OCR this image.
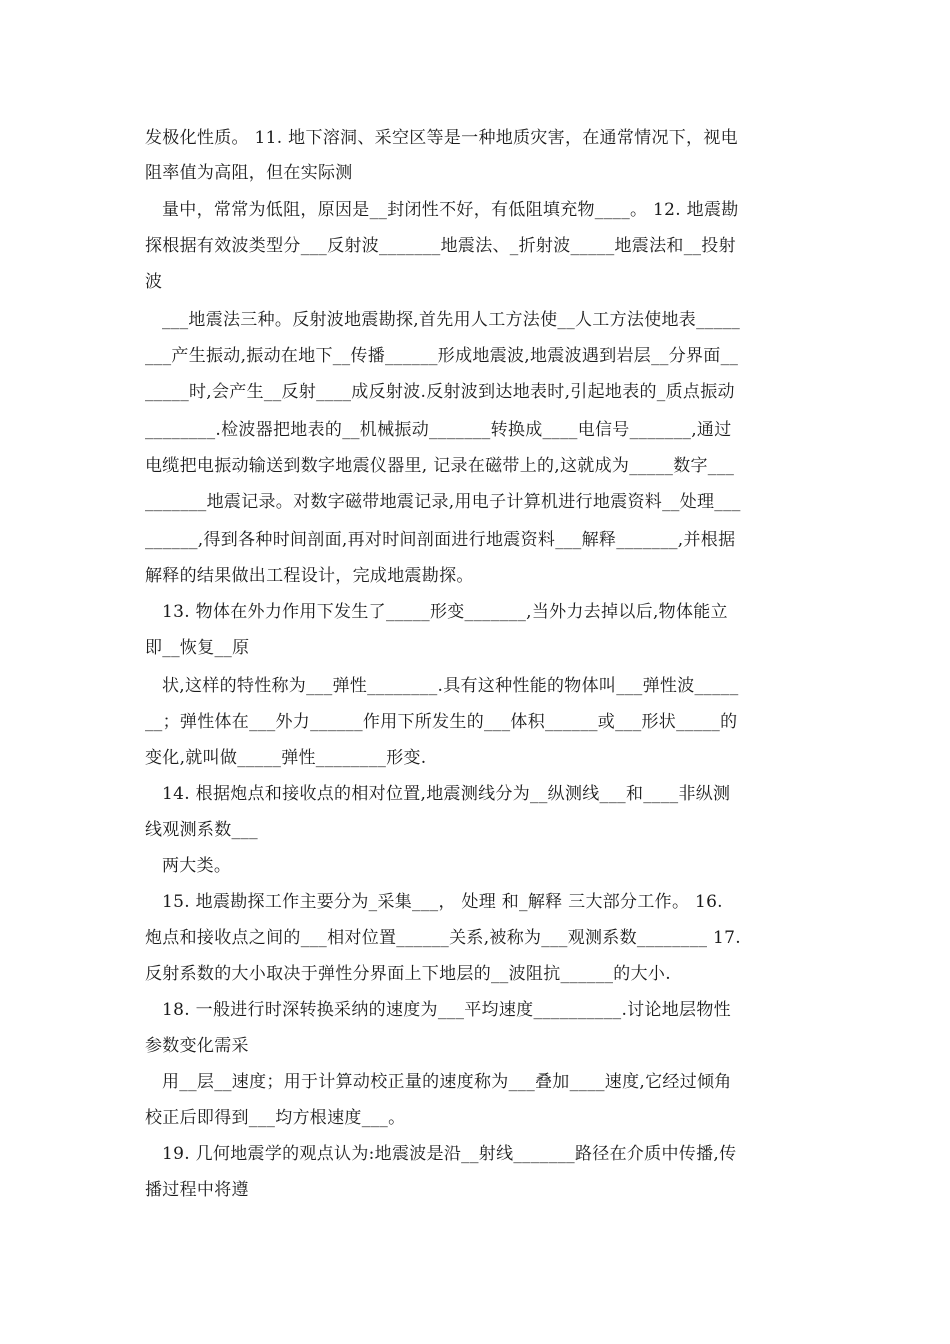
发极化性质。 11. 地下溶洞、采空区等是一种地质灾害，在通常情况下，视电
阻率值为高阻，但在实际测
量中，常常为低阻，原因是__封闭性不好，有低阻填充物____。 12. 地震勘
探根据有效波类型分___反射波_______地震法、_折射波_____地震法和__投射
波
___地震法三种。反射波地震勘探,首先用人工方法使__人工方法使地表_____
___产生振动,振动在地下__传播______形成地震波,地震波遇到岩层__分界面__
_____时,会产生__反射____成反射波.反射波到达地表时,引起地表的_质点振动
________.检波器把地表的__机械振动_______转换成____电信号_______,通过
电缆把电振动输送到数字地震仪器里, 记录在磁带上的,这就成为_____数字___
_______地震记录。对数字磁带地震记录,用电子计算机进行地震资料__处理___
______,得到各种时间剖面,再对时间剖面进行地震资料___解释_______,并根据
解释的结果做出工程设计，完成地震勘探。
13. 物体在外力作用下发生了_____形变_______,当外力去掉以后,物体能立
即__恢复__原
状,这样的特性称为___弹性________.具有这种性能的物体叫___弹性波_____
__；弹性体在___外力______作用下所发生的___体积______或___形状_____的
变化,就叫做_____弹性________形变.
14. 根据炮点和接收点的相对位置,地震测线分为__纵测线___和____非纵测
线观测系数___
两大类。
15. 地震勘探工作主要分为_采集___， 处理 和_解释 三大部分工作。 16.
炮点和接收点之间的___相对位置______关系,被称为___观测系数________ 17.
反射系数的大小取决于弹性分界面上下地层的__波阻抗______的大小.
18. 一般进行时深转换采纳的速度为___平均速度__________.讨论地层物性
参数变化需采
用__层__速度；用于计算动校正量的速度称为___叠加____速度,它经过倾角
校正后即得到___均方根速度___。
19. 几何地震学的观点认为:地震波是沿__射线_______路径在介质中传播,传
播过程中将遵
